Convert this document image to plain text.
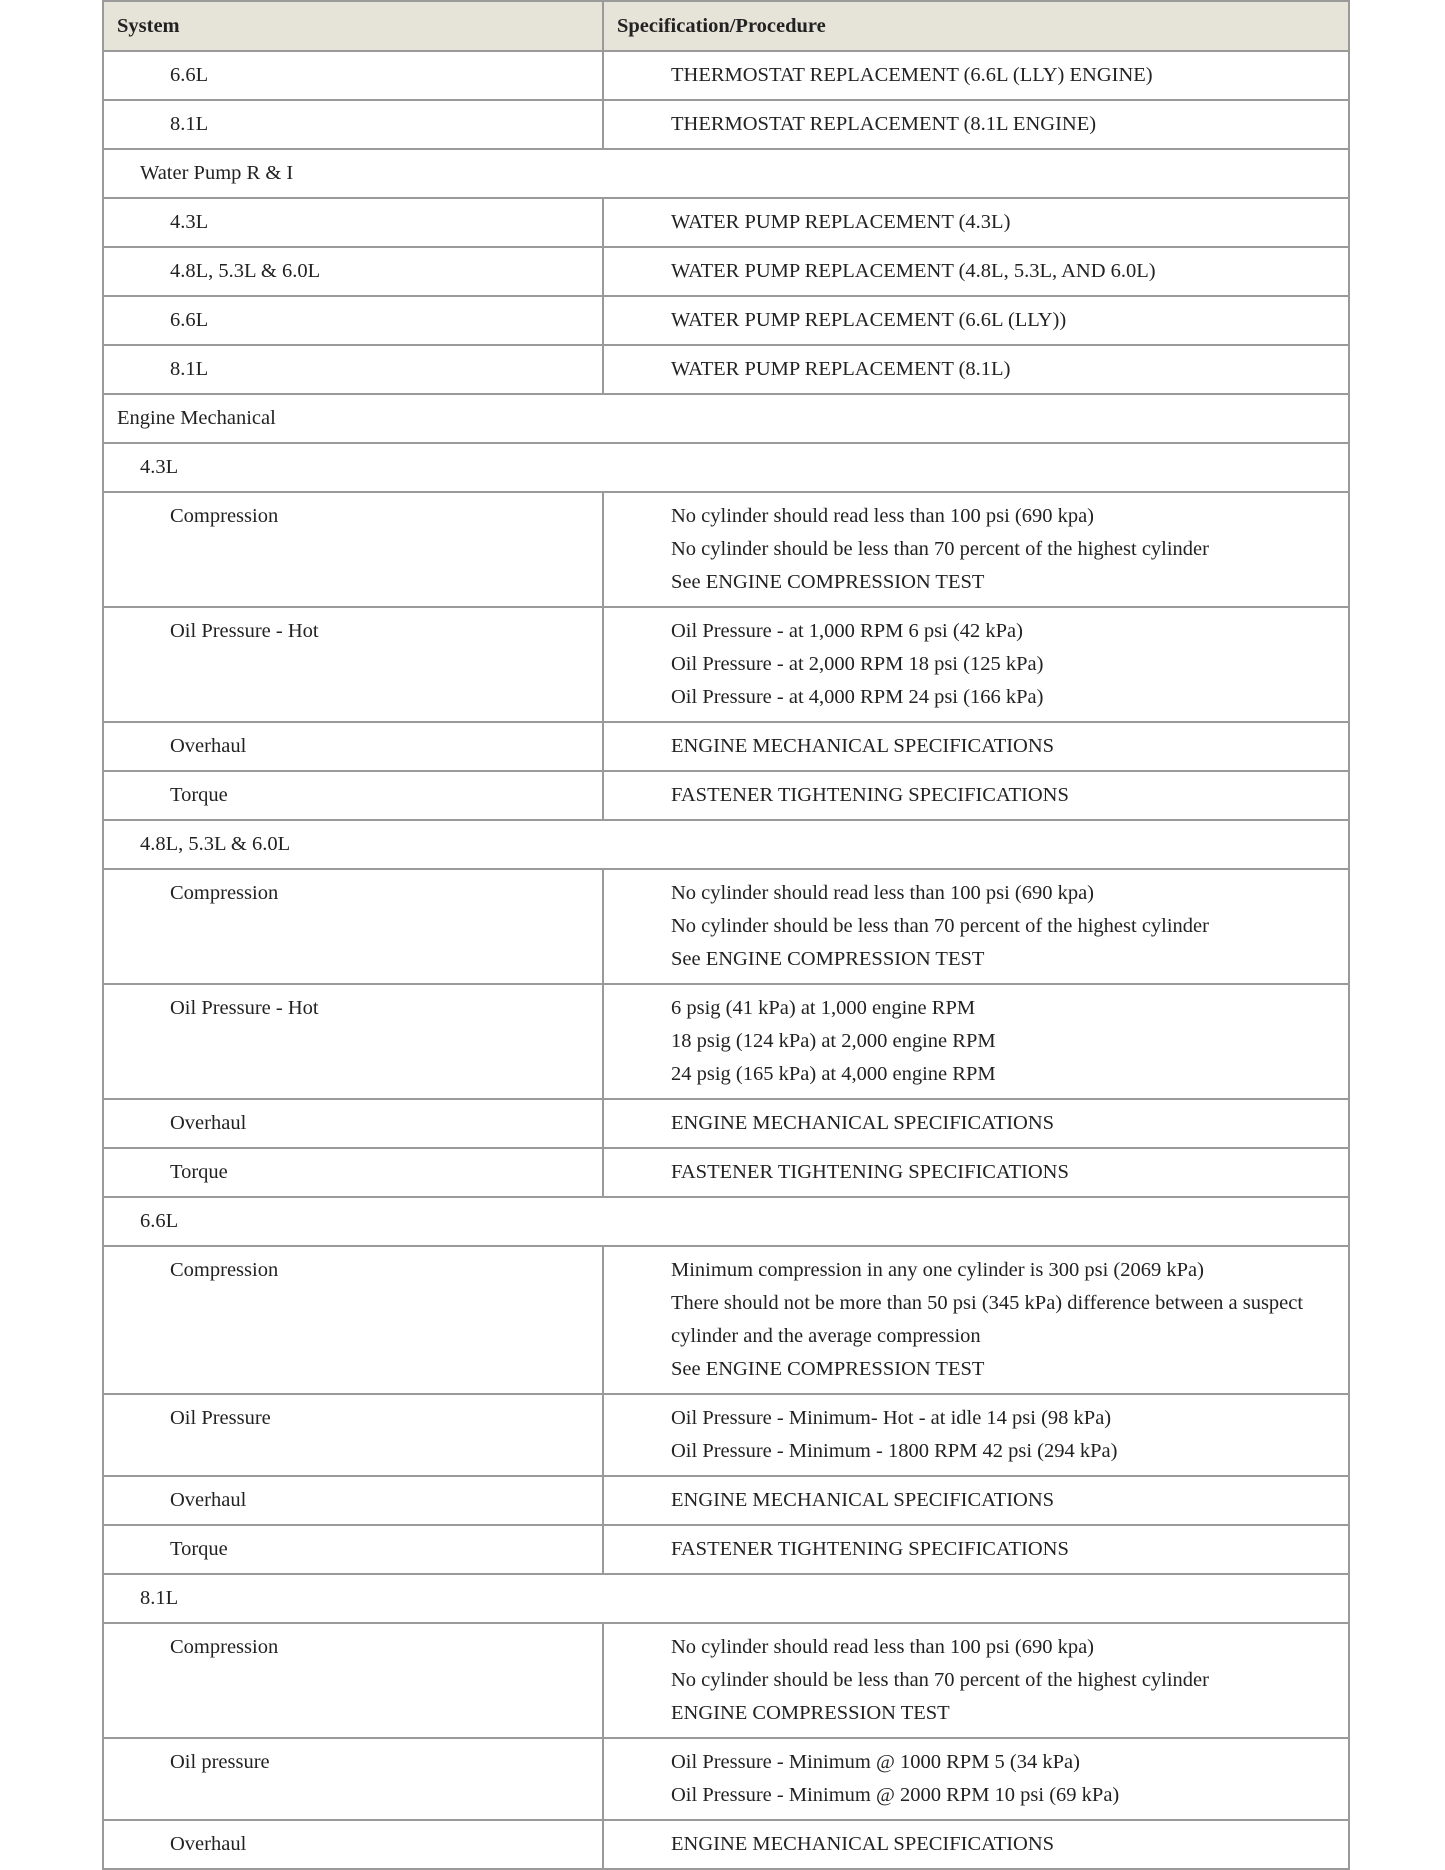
System	Specification/Procedure

6.6L	THERMOSTAT REPLACEMENT (6.6L (LLY) ENGINE)

8.1L	THERMOSTAT REPLACEMENT (8.1L ENGINE)

Water Pump R & I	

4.3L	WATER PUMP REPLACEMENT (4.3L)

4.8L, 5.3L & 6.0L	WATER PUMP REPLACEMENT (4.8L, 5.3L, AND 6.0L)

6.6L	WATER PUMP REPLACEMENT (6.6L (LLY))

8.1L	WATER PUMP REPLACEMENT (8.1L)

Engine Mechanical	

4.3L	

Compression	No cylinder should read less than 100 psi (690 kpa)
No cylinder should be less than 70 percent of the highest cylinder
See ENGINE COMPRESSION TEST

Oil Pressure - Hot	Oil Pressure - at 1,000 RPM 6 psi (42 kPa)
Oil Pressure - at 2,000 RPM 18 psi (125 kPa)
Oil Pressure - at 4,000 RPM 24 psi (166 kPa)

Overhaul	ENGINE MECHANICAL SPECIFICATIONS

Torque	FASTENER TIGHTENING SPECIFICATIONS

4.8L, 5.3L & 6.0L	

Compression	No cylinder should read less than 100 psi (690 kpa)
No cylinder should be less than 70 percent of the highest cylinder
See ENGINE COMPRESSION TEST

Oil Pressure - Hot	6 psig (41 kPa) at 1,000 engine RPM
18 psig (124 kPa) at 2,000 engine RPM
24 psig (165 kPa) at 4,000 engine RPM

Overhaul	ENGINE MECHANICAL SPECIFICATIONS

Torque	FASTENER TIGHTENING SPECIFICATIONS

6.6L	

Compression	Minimum compression in any one cylinder is 300 psi (2069 kPa)
There should not be more than 50 psi (345 kPa) difference between a suspect cylinder and the average compression
See ENGINE COMPRESSION TEST

Oil Pressure	Oil Pressure - Minimum- Hot - at idle 14 psi (98 kPa)
Oil Pressure - Minimum - 1800 RPM 42 psi (294 kPa)

Overhaul	ENGINE MECHANICAL SPECIFICATIONS

Torque	FASTENER TIGHTENING SPECIFICATIONS

8.1L	

Compression	No cylinder should read less than 100 psi (690 kpa)
No cylinder should be less than 70 percent of the highest cylinder
ENGINE COMPRESSION TEST

Oil pressure	Oil Pressure - Minimum @ 1000 RPM 5 (34 kPa)
Oil Pressure - Minimum @ 2000 RPM 10 psi (69 kPa)

Overhaul	ENGINE MECHANICAL SPECIFICATIONS
